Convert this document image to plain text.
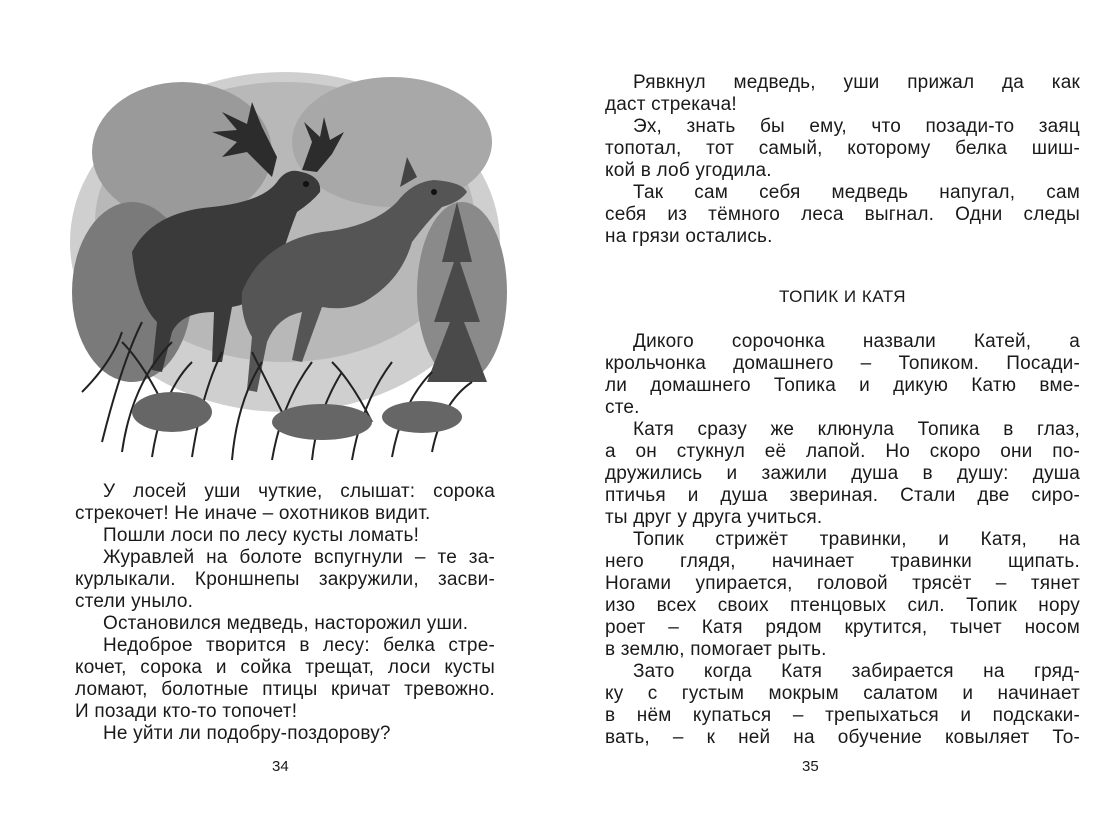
У лосей уши чуткие, слышат: сорока
стрекочет! Не иначе – охотников видит.
Пошли лоси по лесу кусты ломать!
Журавлей на болоте вспугнули – те за-
курлыкали. Кроншнепы закружили, засви-
стели уныло.
Остановился медведь, насторожил уши.
Недоброе творится в лесу: белка стре-
кочет, сорока и сойка трещат, лоси кусты
ломают, болотные птицы кричат тревожно.
И позади кто-то топочет!
Не уйти ли подобру-поздорову?
34
Рявкнул медведь, уши прижал да как
даст стрекача!
Эх, знать бы ему, что позади-то заяц
топотал, тот самый, которому белка шиш-
кой в лоб угодила.
Так сам себя медведь напугал, сам
себя из тёмного леса выгнал. Одни следы
на грязи остались.
ТОПИК И КАТЯ
Дикого сорочонка назвали Катей, а
крольчонка домашнего – Топиком. Посади-
ли домашнего Топика и дикую Катю вме-
сте.
Катя сразу же клюнула Топика в глаз,
а он стукнул её лапой. Но скоро они по-
дружились и зажили душа в душу: душа
птичья и душа звериная. Стали две сиро-
ты друг у друга учиться.
Топик стрижёт травинки, и Катя, на
него глядя, начинает травинки щипать.
Ногами упирается, головой трясёт – тянет
изо всех своих птенцовых сил. Топик нору
роет – Катя рядом крутится, тычет носом
в землю, помогает рыть.
Зато когда Катя забирается на гряд-
ку с густым мокрым салатом и начинает
в нём купаться – трепыхаться и подскаки-
вать, – к ней на обучение ковыляет То-
35
